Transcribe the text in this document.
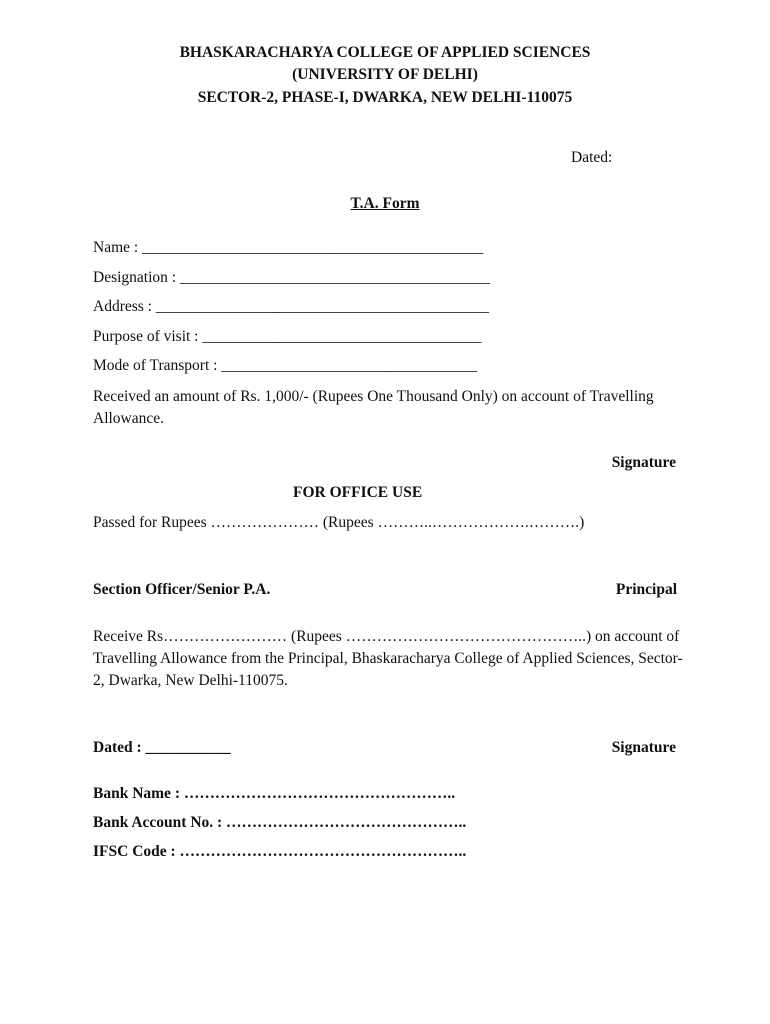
BHASKARACHARYA COLLEGE OF APPLIED SCIENCES
(UNIVERSITY OF DELHI)
SECTOR-2, PHASE-I, DWARKA, NEW DELHI-110075
Dated:
T.A. Form
Name : ____________________________________________
Designation : ________________________________________
Address : ___________________________________________
Purpose of visit : ____________________________________
Mode of Transport : _________________________________
Received an amount of Rs. 1,000/- (Rupees One Thousand Only) on account of Travelling Allowance.
Signature
FOR OFFICE USE
Passed for Rupees ………………… (Rupees ………..……………….……….)
Section Officer/Senior P.A.	Principal
Receive Rs…………………… (Rupees ………………………………………..) on account of Travelling Allowance from the Principal, Bhaskaracharya College of Applied Sciences, Sector-2, Dwarka, New Delhi-110075.
Dated : ___________	Signature
Bank Name : ……………………………………………..
Bank Account No. : ………………………………………..
IFSC Code : ………………………………………………..
